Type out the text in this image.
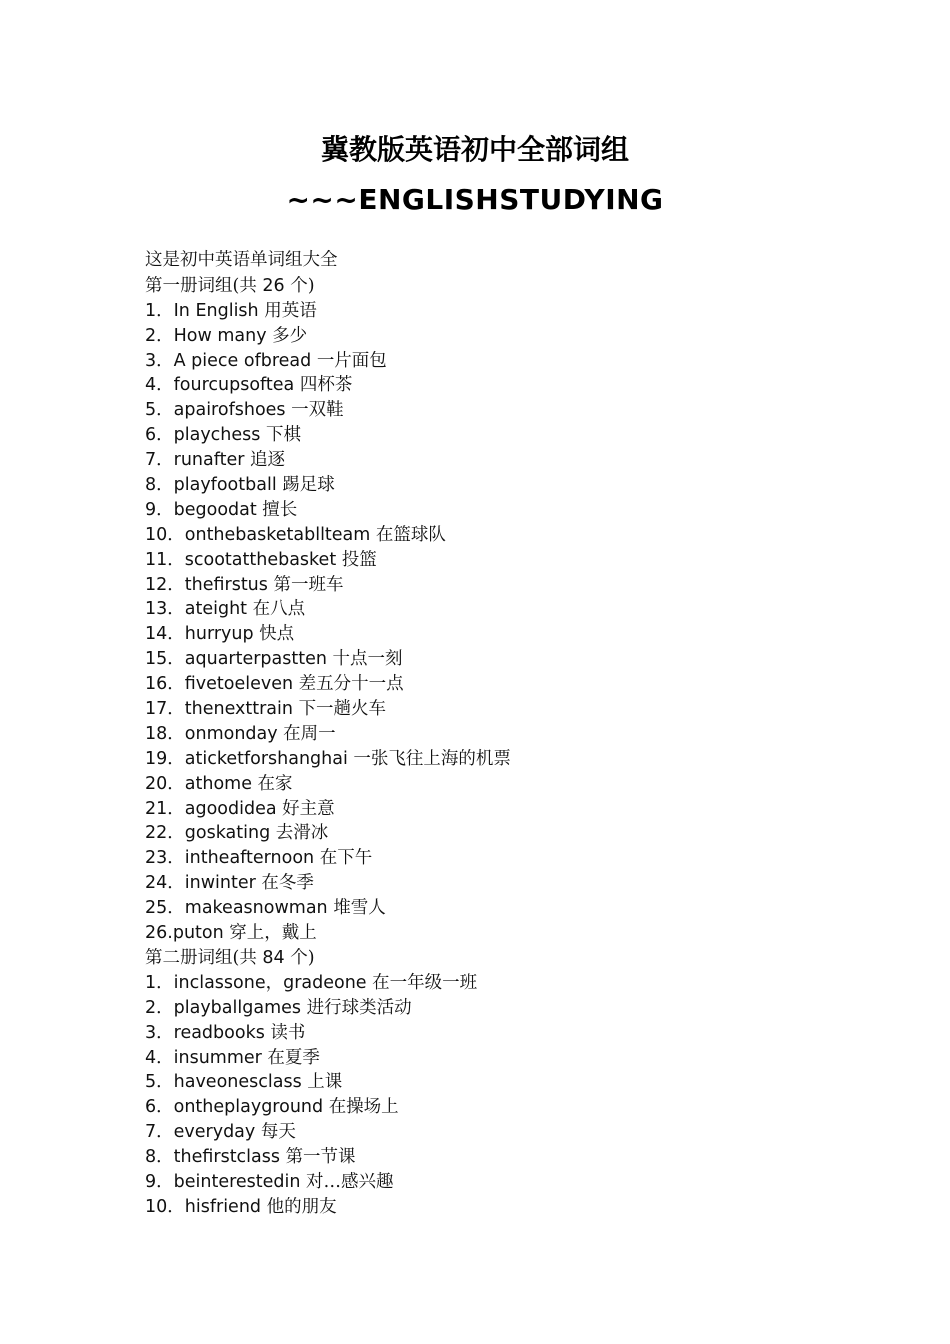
冀教版英语初中全部词组
~~~ENGLISHSTUDYING
这是初中英语单词组大全
第一册词组(共 26 个)
1．In English 用英语
2．How many 多少
3．A piece ofbread 一片面包
4．fourcupsoftea 四杯茶
5．apairofshoes 一双鞋
6．playchess 下棋
7．runafter 追逐
8．playfootball 踢足球
9．begoodat 擅长
10．onthebasketabllteam 在篮球队
11．scootatthebasket 投篮
12．thefirstus 第一班车
13．ateight 在八点
14．hurryup 快点
15．aquarterpastten 十点一刻
16．fivetoeleven 差五分十一点
17．thenexttrain 下一趟火车
18．onmonday 在周一
19．aticketforshanghai 一张飞往上海的机票
20．athome 在家
21．agoodidea 好主意
22．goskating 去滑冰
23．intheafternoon 在下午
24．inwinter 在冬季
25．makeasnowman 堆雪人
26.puton 穿上，戴上
第二册词组(共 84 个)
1．inclassone，gradeone 在一年级一班
2．playballgames 进行球类活动
3．readbooks 读书
4．insummer 在夏季
5．haveonesclass 上课
6．ontheplayground 在操场上
7．everyday 每天
8．thefirstclass 第一节课
9．beinterestedin 对…感兴趣
10．hisfriend 他的朋友
